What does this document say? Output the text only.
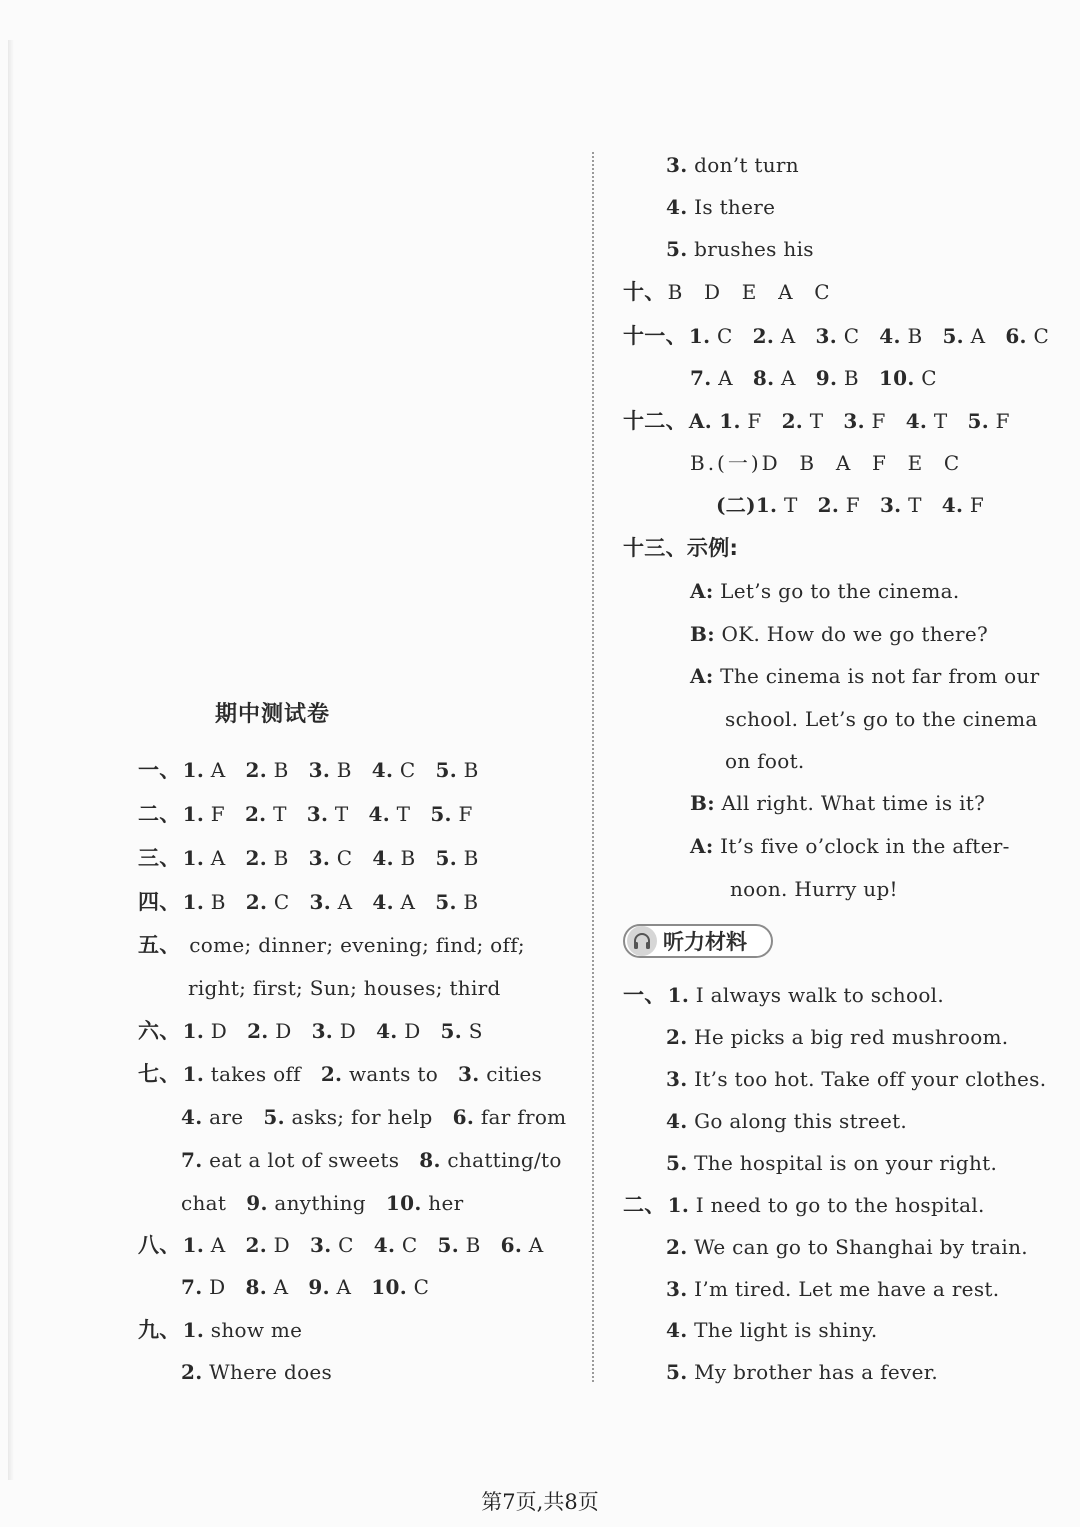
期中测试卷
一、 1. A 2. B 3. B 4. C 5. B
二、 1. F 2. T 3. T 4. T 5. F
三、 1. A 2. B 3. C 4. B 5. B
四、 1. B 2. C 3. A 4. A 5. B
五、 come; dinner; evening; find; off;
right; first; Sun; houses; third
六、 1. D 2. D 3. D 4. D 5. S
七、 1. takes off 2. wants to 3. cities
4. are 5. asks; for help 6. far from
7. eat a lot of sweets 8. chatting/to
chat 9. anything 10. her
八、 1. A 2. D 3. C 4. C 5. B 6. A
7. D 8. A 9. A 10. C
九、 1. show me
2. Where does
3. don’t turn
4. Is there
5. brushes his
十、 B  D  E  A  C
十一、 1. C 2. A 3. C 4. B 5. A 6. C
7. A 8. A 9. B 10. C
十二、 A. 1. F 2. T 3. F 4. T 5. F
B.(一)D  B  A  F  E  C
(二)1. T 2. F 3. T 4. F
十三、示例:
A: Let’s go to the cinema.
B: OK. How do we go there?
A: The cinema is not far from our
school. Let’s go to the cinema
on foot.
B: All right. What time is it?
A: It’s five o’clock in the after-
noon. Hurry up!
听力材料
一、 1. I always walk to school.
2. He picks a big red mushroom.
3. It’s too hot. Take off your clothes.
4. Go along this street.
5. The hospital is on your right.
二、 1. I need to go to the hospital.
2. We can go to Shanghai by train.
3. I’m tired. Let me have a rest.
4. The light is shiny.
5. My brother has a fever.
第7页,共8页
